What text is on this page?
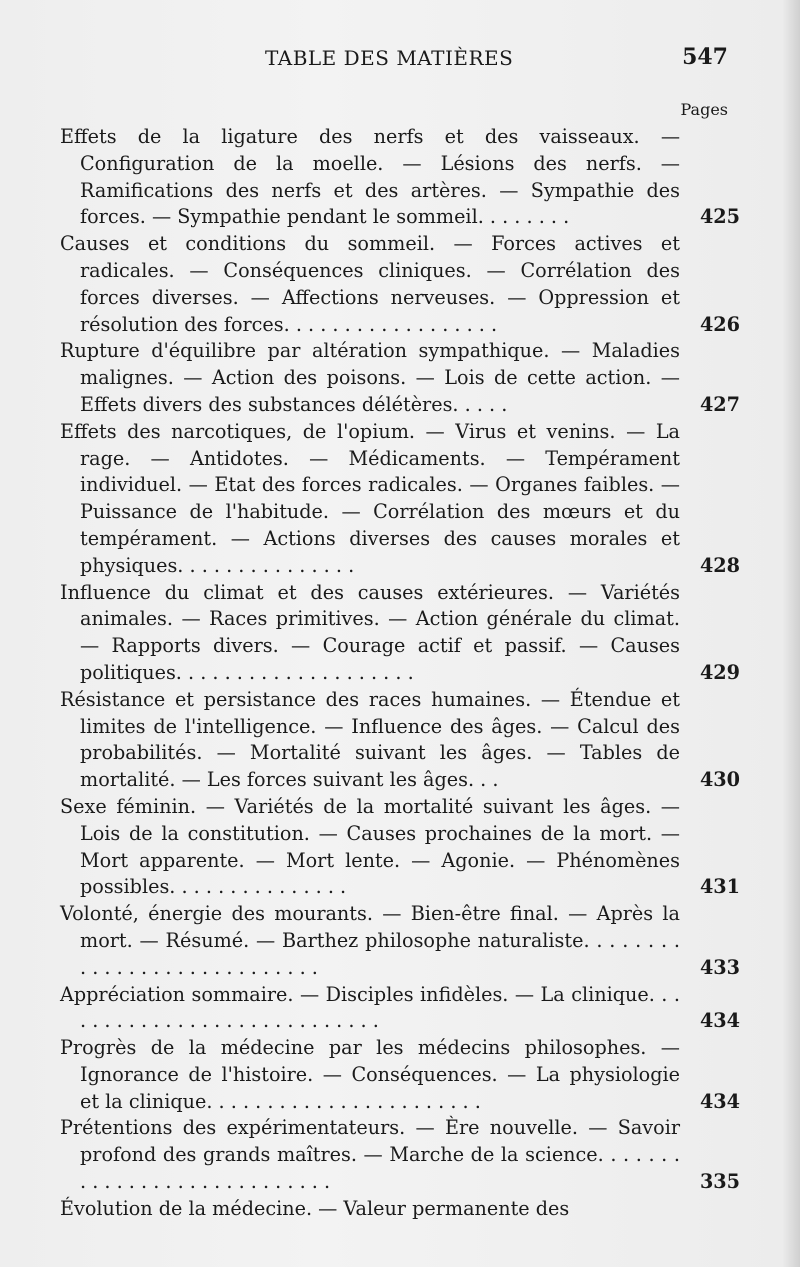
TABLE DES MATIÈRES	547
Pages
Effets de la ligature des nerfs et des vaisseaux. — Configuration de la moelle. — Lésions des nerfs. — Ramifications des nerfs et des artères. — Sympathie des forces. — Sympathie pendant le sommeil. . . . . . . .	425
Causes et conditions du sommeil. — Forces actives et radicales. — Conséquences cliniques. — Corrélation des forces diverses. — Affections nerveuses. — Oppression et résolution des forces. . . . . . . . . . . . . . . . . .	426
Rupture d'équilibre par altération sympathique. — Maladies malignes. — Action des poisons. — Lois de cette action. — Effets divers des substances délétères. . . . .	427
Effets des narcotiques, de l'opium. — Virus et venins. — La rage. — Antidotes. — Médicaments. — Tempérament individuel. — Etat des forces radicales. — Organes faibles. — Puissance de l'habitude. — Corrélation des mœurs et du tempérament. — Actions diverses des causes morales et physiques. . . . . . . . . . . . . . .	428
Influence du climat et des causes extérieures. — Variétés animales. — Races primitives. — Action générale du climat. — Rapports divers. — Courage actif et passif. — Causes politiques. . . . . . . . . . . . . . . . . . . .	429
Résistance et persistance des races humaines. — Étendue et limites de l'intelligence. — Influence des âges. — Calcul des probabilités. — Mortalité suivant les âges. — Tables de mortalité. — Les forces suivant les âges. . .	430
Sexe féminin. — Variétés de la mortalité suivant les âges. — Lois de la constitution. — Causes prochaines de la mort. — Mort apparente. — Mort lente. — Agonie. — Phénomènes possibles. . . . . . . . . . . . . . .	431
Volonté, énergie des mourants. — Bien-être final. — Après la mort. — Résumé. — Barthez philosophe naturaliste. . . . . . . . . . . . . . . . . . . . . . . . . . . .	433
Appréciation sommaire. — Disciples infidèles. — La clinique. . . . . . . . . . . . . . . . . . . . . . . . . . . .	434
Progrès de la médecine par les médecins philosophes. — Ignorance de l'histoire. — Conséquences. — La physiologie et la clinique. . . . . . . . . . . . . . . . . . . . . . .	434
Prétentions des expérimentateurs. — Ère nouvelle. — Savoir profond des grands maîtres. — Marche de la science. . . . . . . . . . . . . . . . . . . . . . . . . . . .	335
Évolution de la médecine. — Valeur permanente des
